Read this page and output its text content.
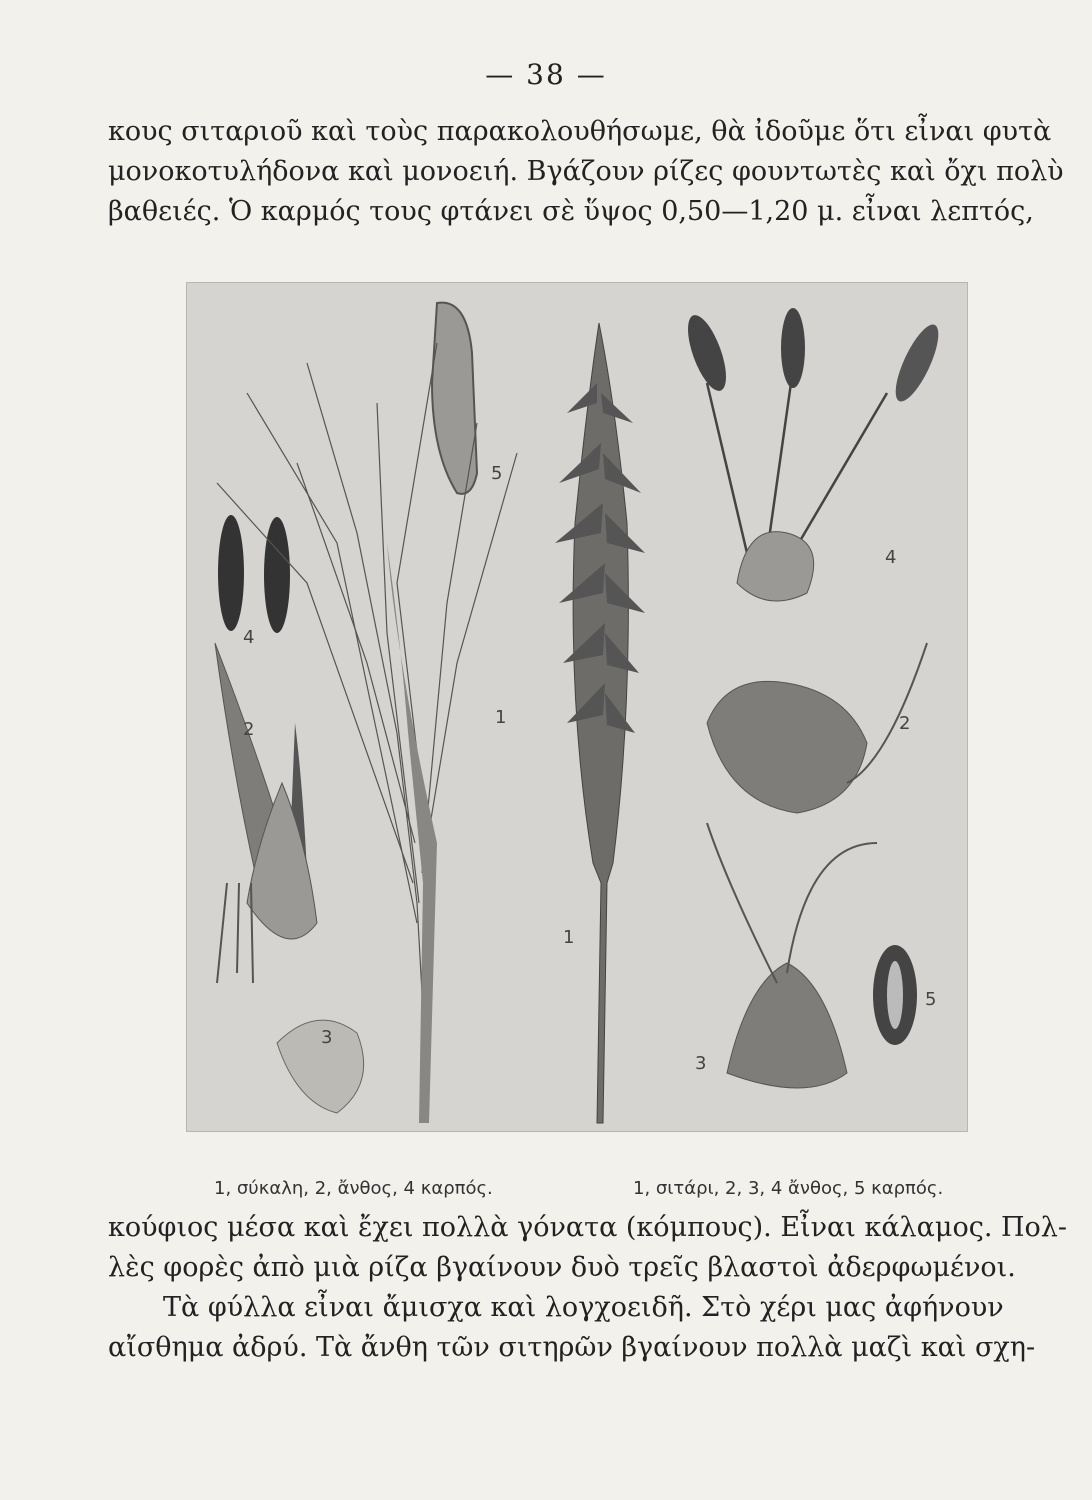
— 38 —
κους σιταριοῦ καὶ τοὺς παρακολουθήσωμε, θὰ ἰδοῦμε ὅτι εἶναι φυτὰ
μονοκοτυλήδονα καὶ μονοειή. Βγάζουν ρίζες φουντωτὲς καὶ ὄχι πολὺ
βαθειές. Ὁ καρμός τους φτάνει σὲ ὕψος 0,50—1,20 μ. εἶναι λεπτός,
5
4
2
1
3
1
4
2
5
3
1, σύκαλη, 2, ἄνθος, 4 καρπός.	1, σιτάρι, 2, 3, 4 ἄνθος, 5 καρπός.
κούφιος μέσα καὶ ἔχει πολλὰ γόνατα (κόμπους). Εἶναι κάλαμος. Πολ-
λὲς φορὲς ἀπὸ μιὰ ρίζα βγαίνουν δυὸ τρεῖς βλαστοὶ ἀδερφωμένοι.
Τὰ φύλλα εἶναι ἄμισχα καὶ λογχοειδῆ. Στὸ χέρι μας ἀφήνουν
αἴσθημα ἀδρύ. Τὰ ἄνθη τῶν σιτηρῶν βγαίνουν πολλὰ μαζὶ καὶ σχη-
